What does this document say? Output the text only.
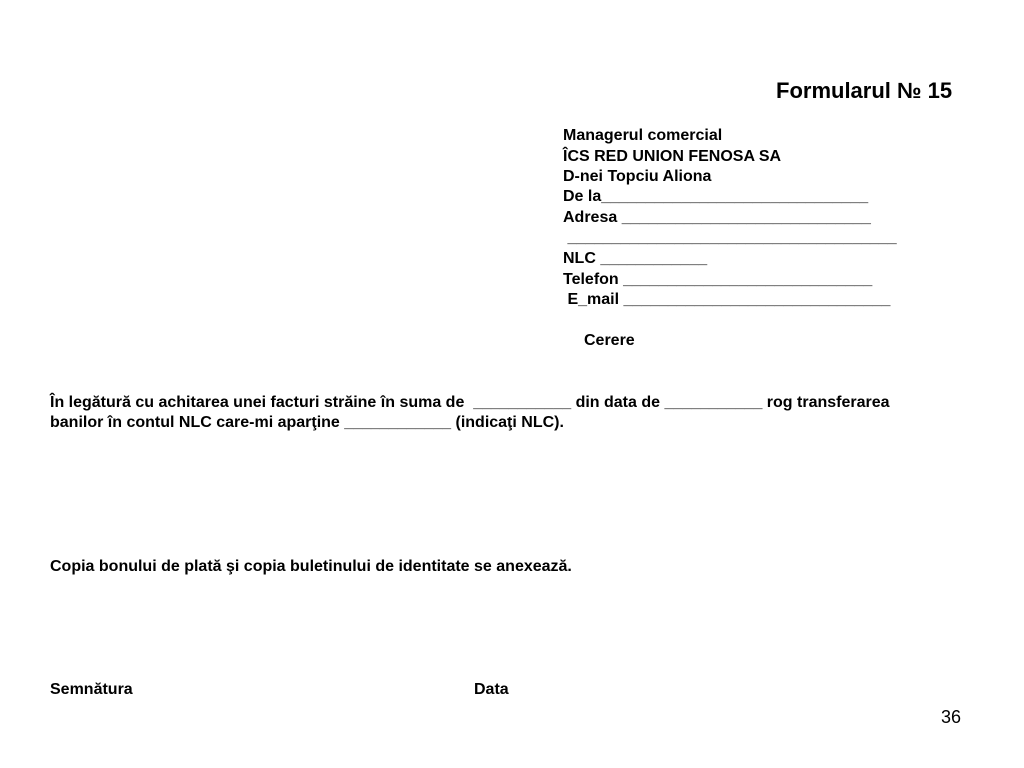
Formularul № 15
Managerul comercial
ÎCS RED UNION FENOSA SA
D-nei Topciu Aliona
De la______________________________
Adresa ____________________________
_____________________________________
NLC ____________
Telefon ____________________________
E_mail ______________________________
Cerere
În legătură cu achitarea unei facturi străine în suma de  ___________ din data de ___________ rog transferarea
banilor în contul NLC care-mi aparţine ____________ (indicaţi NLC).
Copia bonului de plată şi copia buletinului de identitate se anexează.
Semnătura	Data
36
